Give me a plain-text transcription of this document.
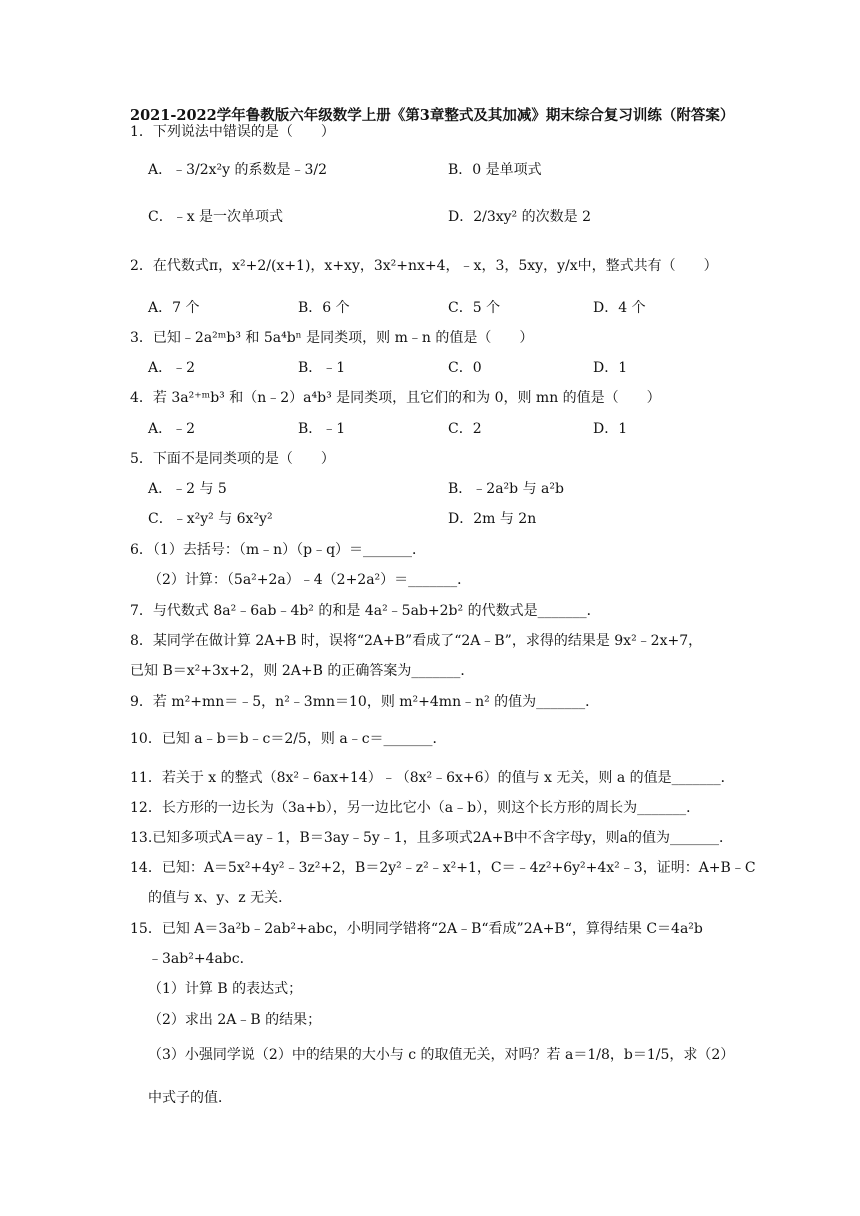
2021-2022学年鲁教版六年级数学上册《第3章整式及其加减》期末综合复习训练（附答案）
1．下列说法中错误的是（　　）
A．﹣3/2x²y 的系数是﹣3/2	B．0 是单项式
C．﹣x 是一次单项式	D．2/3xy² 的次数是 2
2．在代数式π，x²+2/(x+1)，x+xy，3x²+nx+4，﹣x，3，5xy，y/x中，整式共有（　　）
A．7 个	B．6 个	C．5 个	D．4 个
3．已知﹣2a²ᵐb³ 和 5a⁴bⁿ 是同类项，则 m﹣n 的值是（　　）
A．﹣2	B．﹣1	C．0	D．1
4．若 3a²⁺ᵐb³ 和（n﹣2）a⁴b³ 是同类项，且它们的和为 0，则 mn 的值是（　　）
A．﹣2	B．﹣1	C．2	D．1
5．下面不是同类项的是（　　）
A．﹣2 与 5	B．﹣2a²b 与 a²b
C．﹣x²y² 与 6x²y²	D．2m 与 2n
6．（1）去括号：（m﹣n）（p﹣q）＝_______．
（2）计算：（5a²+2a）﹣4（2+2a²）＝_______．
7．与代数式 8a²﹣6ab﹣4b² 的和是 4a²﹣5ab+2b² 的代数式是_______．
8．某同学在做计算 2A+B 时，误将“2A+B”看成了“2A﹣B”，求得的结果是 9x²﹣2x+7，
已知 B＝x²+3x+2，则 2A+B 的正确答案为_______．
9．若 m²+mn＝﹣5，n²﹣3mn＝10，则 m²+4mn﹣n² 的值为_______．
10．已知 a﹣b＝b﹣c＝2/5，则 a﹣c＝_______．
11．若关于 x 的整式（8x²﹣6ax+14）﹣（8x²﹣6x+6）的值与 x 无关，则 a 的值是_______．
12．长方形的一边长为（3a+b），另一边比它小（a﹣b），则这个长方形的周长为_______．
13.已知多项式A＝ay﹣1，B＝3ay﹣5y﹣1，且多项式2A+B中不含字母y，则a的值为_______．
14．已知：A＝5x²+4y²﹣3z²+2，B＝2y²﹣z²﹣x²+1，C＝﹣4z²+6y²+4x²﹣3，证明：A+B﹣C
的值与 x、y、z 无关．
15．已知 A＝3a²b﹣2ab²+abc，小明同学错将“2A﹣B“看成”2A+B“，算得结果 C＝4a²b
﹣3ab²+4abc．
（1）计算 B 的表达式；
（2）求出 2A﹣B 的结果；
（3）小强同学说（2）中的结果的大小与 c 的取值无关，对吗？若 a＝1/8，b＝1/5，求（2）
中式子的值．
